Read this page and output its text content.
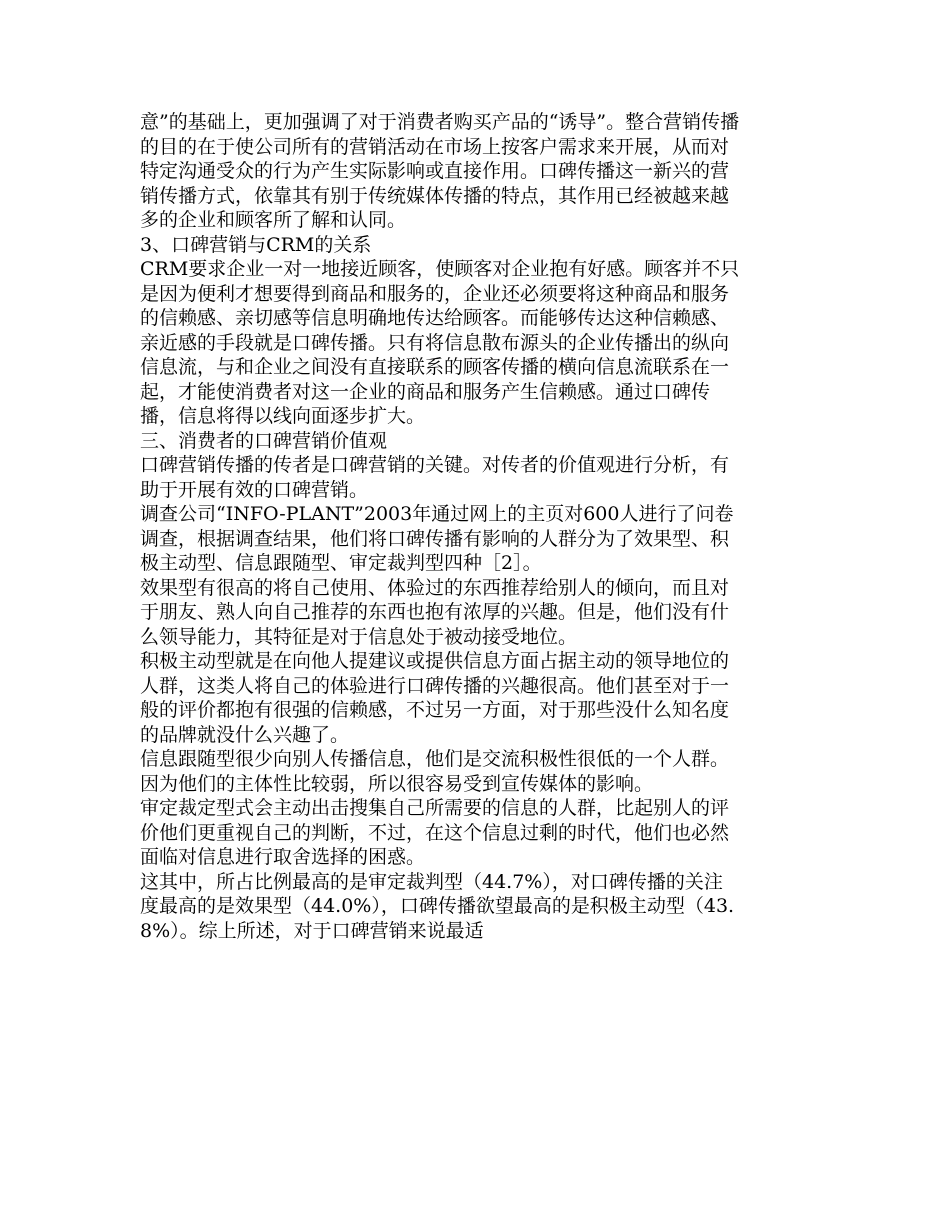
意”的基础上，更加强调了对于消费者购买产品的“诱导”。整合营销传播的目的在于使公司所有的营销活动在市场上按客户需求来开展，从而对特定沟通受众的行为产生实际影响或直接作用。口碑传播这一新兴的营销传播方式，依靠其有别于传统媒体传播的特点，其作用已经被越来越多的企业和顾客所了解和认同。

3、口碑营销与CRM的关系

CRM要求企业一对一地接近顾客，使顾客对企业抱有好感。顾客并不只是因为便利才想要得到商品和服务的，企业还必须要将这种商品和服务的信赖感、亲切感等信息明确地传达给顾客。而能够传达这种信赖感、亲近感的手段就是口碑传播。只有将信息散布源头的企业传播出的纵向信息流，与和企业之间没有直接联系的顾客传播的横向信息流联系在一起，才能使消费者对这一企业的商品和服务产生信赖感。通过口碑传播，信息将得以线向面逐步扩大。

三、消费者的口碑营销价值观

口碑营销传播的传者是口碑营销的关键。对传者的价值观进行分析，有助于开展有效的口碑营销。

调查公司“INFO-PLANT”2003年通过网上的主页对600人进行了问卷调查，根据调查结果，他们将口碑传播有影响的人群分为了效果型、积极主动型、信息跟随型、审定裁判型四种［2］。

效果型有很高的将自己使用、体验过的东西推荐给别人的倾向，而且对于朋友、熟人向自己推荐的东西也抱有浓厚的兴趣。但是，他们没有什么领导能力，其特征是对于信息处于被动接受地位。

积极主动型就是在向他人提建议或提供信息方面占据主动的领导地位的人群，这类人将自己的体验进行口碑传播的兴趣很高。他们甚至对于一般的评价都抱有很强的信赖感，不过另一方面，对于那些没什么知名度的品牌就没什么兴趣了。

信息跟随型很少向别人传播信息，他们是交流积极性很低的一个人群。因为他们的主体性比较弱，所以很容易受到宣传媒体的影响。

审定裁定型式会主动出击搜集自己所需要的信息的人群，比起别人的评价他们更重视自己的判断，不过，在这个信息过剩的时代，他们也必然面临对信息进行取舍选择的困惑。

这其中，所占比例最高的是审定裁判型（44.7%），对口碑传播的关注度最高的是效果型（44.0%），口碑传播欲望最高的是积极主动型（43.8%）。综上所述，对于口碑营销来说最适
